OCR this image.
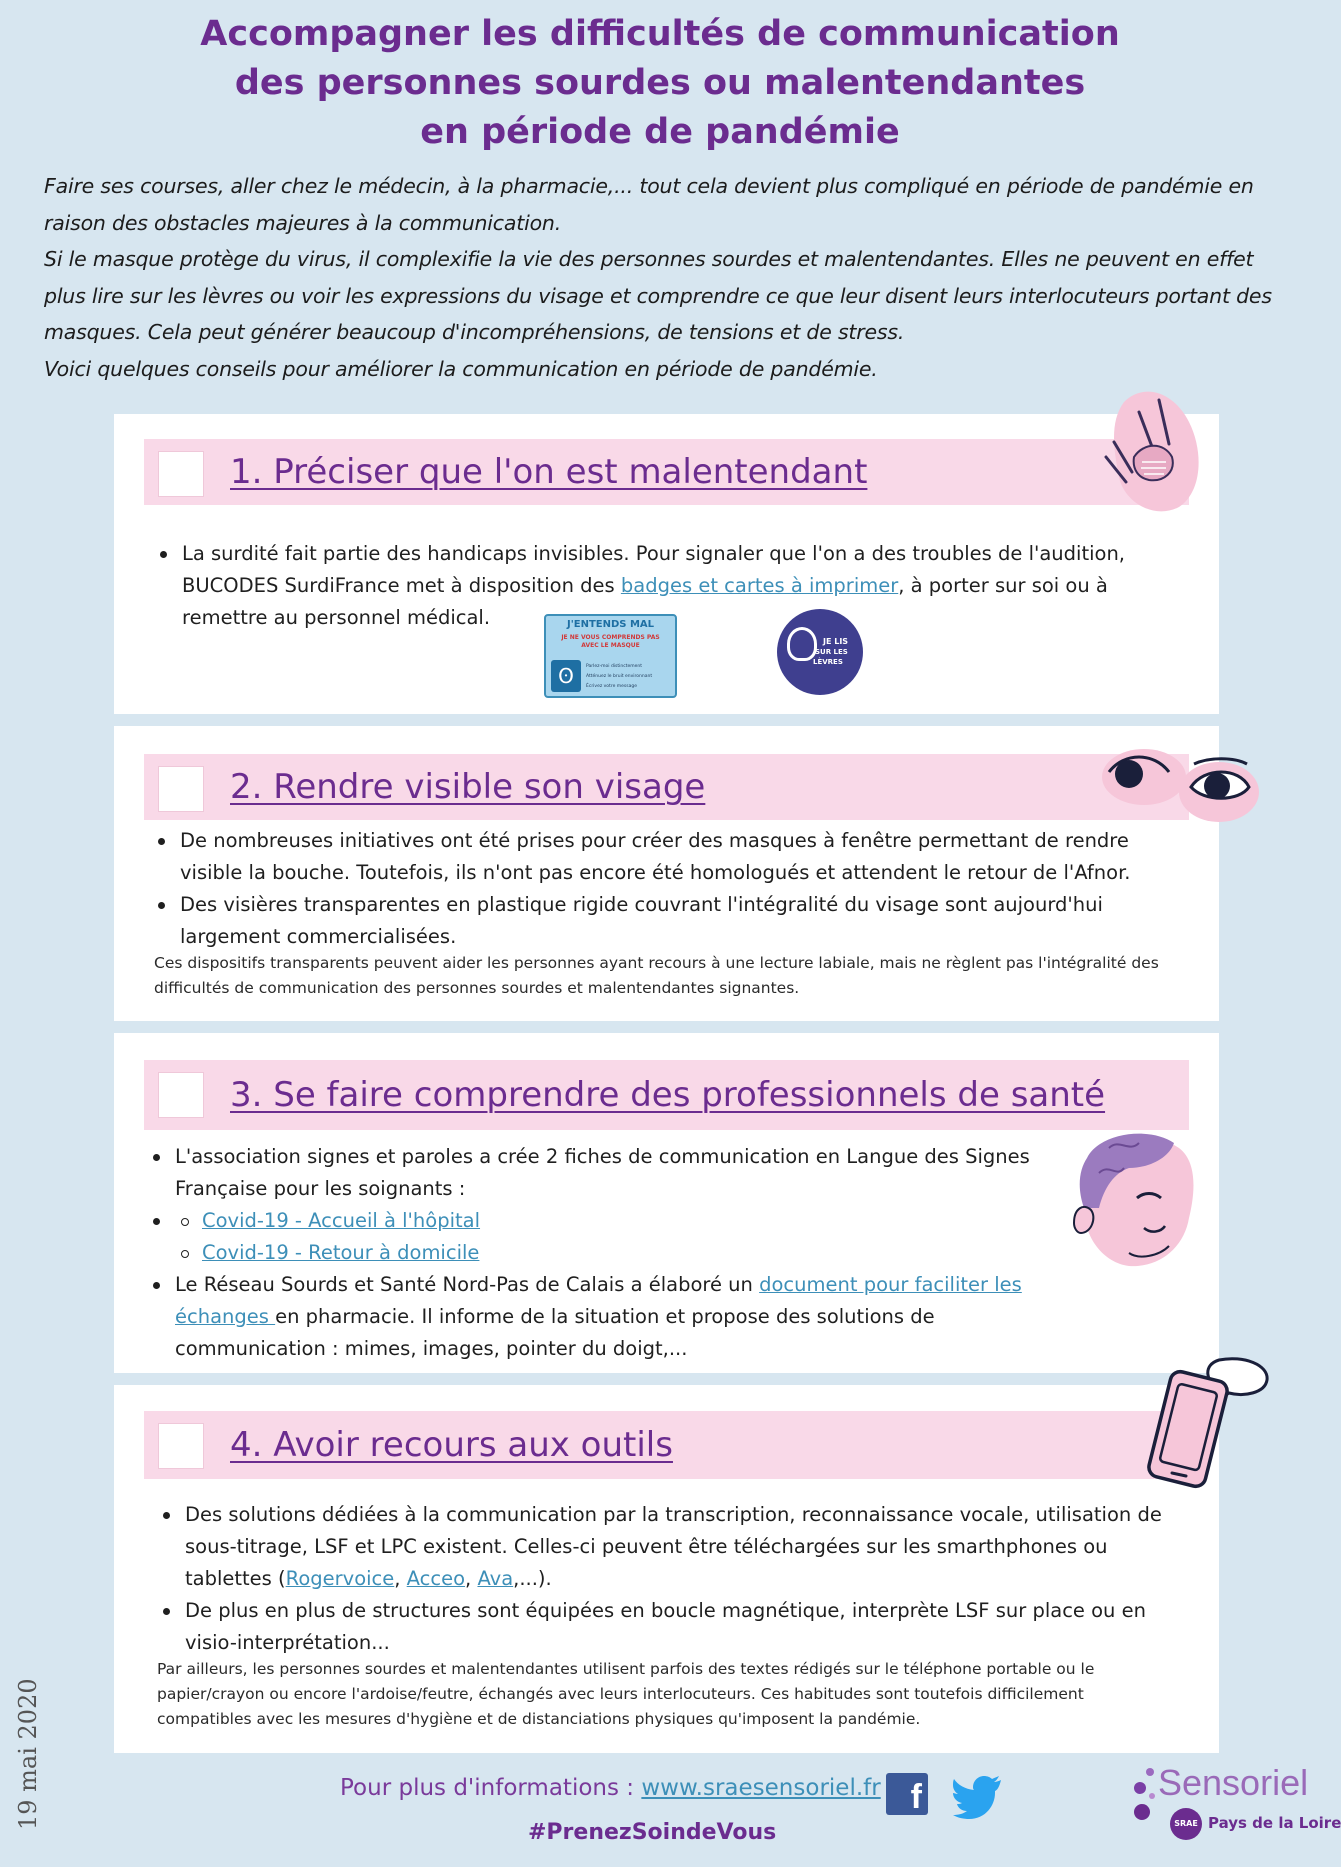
Accompagner les difficultés de communication
des personnes sourdes ou malentendantes
en période de pandémie

Faire ses courses, aller chez le médecin, à la pharmacie,... tout cela devient plus compliqué en période de pandémie en raison des obstacles majeures à la communication.

Si le masque protège du virus, il complexifie la vie des personnes sourdes et malentendantes. Elles ne peuvent en effet plus lire sur les lèvres ou voir les expressions du visage et comprendre ce que leur disent leurs interlocuteurs portant des masques. Cela peut générer beaucoup d'incompréhensions, de tensions et de stress.

Voici quelques conseils pour améliorer la communication en période de pandémie.

1. Préciser que l'on est malentendant
La surdité fait partie des handicaps invisibles. Pour signaler que l'on a des troubles de l'audition, BUCODES SurdiFrance met à disposition des badges et cartes à imprimer, à porter sur soi ou à remettre au personnel médical.	J'ENTENDS MAL
JE NE VOUS COMPRENDS PAS AVEC LE MASQUE
ʘ	Parlez-moi distinctement
Atténuez le bruit environnant
Écrivez votre message
JE LIS
SUR LES
LÈVRES
2. Rendre visible son visage
De nombreuses initiatives ont été prises pour créer des masques à fenêtre permettant de rendre visible la bouche. Toutefois, ils n'ont pas encore été homologués et attendent le retour de l'Afnor.
Des visières transparentes en plastique rigide couvrant l'intégralité du visage sont aujourd'hui largement commercialisées.
Ces dispositifs transparents peuvent aider les personnes ayant recours à une lecture labiale, mais ne règlent pas l'intégralité des difficultés de communication des personnes sourdes et malentendantes signantes.
3. Se faire comprendre des professionnels de santé
L'association signes et paroles a crée 2 fiches de communication en Langue des Signes Française pour les soignants :
Covid-19 - Accueil à l'hôpital
Covid-19 - Retour à domicile
Le Réseau Sourds et Santé Nord-Pas de Calais a élaboré un document pour faciliter les échanges en pharmacie. Il informe de la situation et propose des solutions de communication : mimes, images, pointer du doigt,...
4. Avoir recours aux outils
Des solutions dédiées à la communication par la transcription, reconnaissance vocale, utilisation de sous-titrage, LSF et LPC existent. Celles-ci peuvent être téléchargées sur les smarthphones ou tablettes (Rogervoice, Acceo, Ava,...).
De plus en plus de structures sont équipées en boucle magnétique, interprète LSF sur place ou en visio-interprétation...
Par ailleurs, les personnes sourdes et malentendantes utilisent parfois des textes rédigés sur le téléphone portable ou le papier/crayon ou encore l'ardoise/feutre, échangés avec leurs interlocuteurs. Ces habitudes sont toutefois difficilement compatibles avec les mesures d'hygiène et de distanciations physiques qu'imposent la pandémie.
Pour plus d'informations : www.sraesensoriel.fr f
#PrenezSoindeVous
19 mai 2020	Sensoriel
SRAE Pays de la Loire
